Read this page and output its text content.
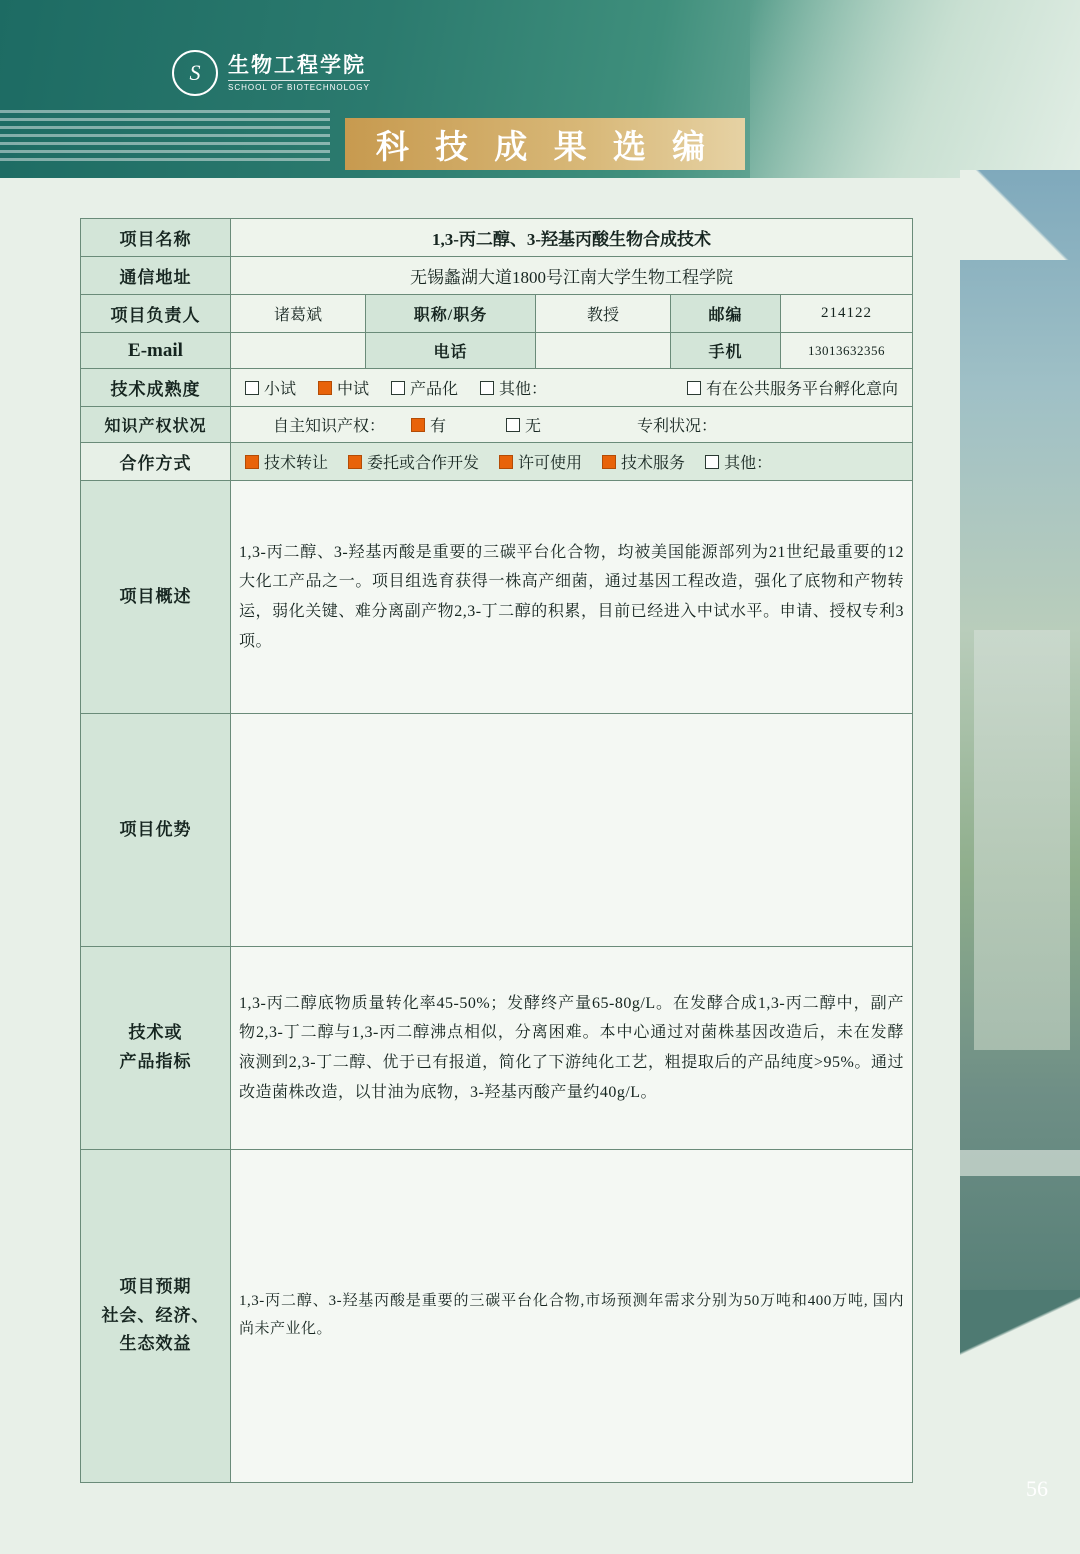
S	生物工程学院
SCHOOL OF BIOTECHNOLOGY
科 技 成 果 选 编
56
项目名称	1,3-丙二醇、3-羟基丙酸生物合成技术				
通信地址	无锡蠡湖大道1800号江南大学生物工程学院				
项目负责人	诸葛斌	职称/职务	教授	邮编	214122
E-mail		电话		手机	13013632356
技术成熟度	小试 中试 产品化 其他： 有在公共服务平台孵化意向				

知识产权状况	自主知识产权： 有 无 专利状况：				

合作方式	技术转让 委托或合作开发 许可使用 技术服务 其他：				

项目概述	1,3-丙二醇、3-羟基丙酸是重要的三碳平台化合物，均被美国能源部列为21世纪最重要的12大化工产品之一。项目组选育获得一株高产细菌，通过基因工程改造，强化了底物和产物转运，弱化关键、难分离副产物2,3-丁二醇的积累，目前已经进入中试水平。申请、授权专利3项。				
项目优势					

技术或
产品指标	1,3-丙二醇底物质量转化率45-50%；发酵终产量65-80g/L。在发酵合成1,3-丙二醇中，副产物2,3-丁二醇与1,3-丙二醇沸点相似，分离困难。本中心通过对菌株基因改造后，未在发酵液测到2,3-丁二醇、优于已有报道，简化了下游纯化工艺，粗提取后的产品纯度>95%。通过改造菌株改造，以甘油为底物，3-羟基丙酸产量约40g/L。				

项目预期
社会、经济、
生态效益	1,3-丙二醇、3-羟基丙酸是重要的三碳平台化合物,市场预测年需求分别为50万吨和400万吨, 国内尚未产业化。				
